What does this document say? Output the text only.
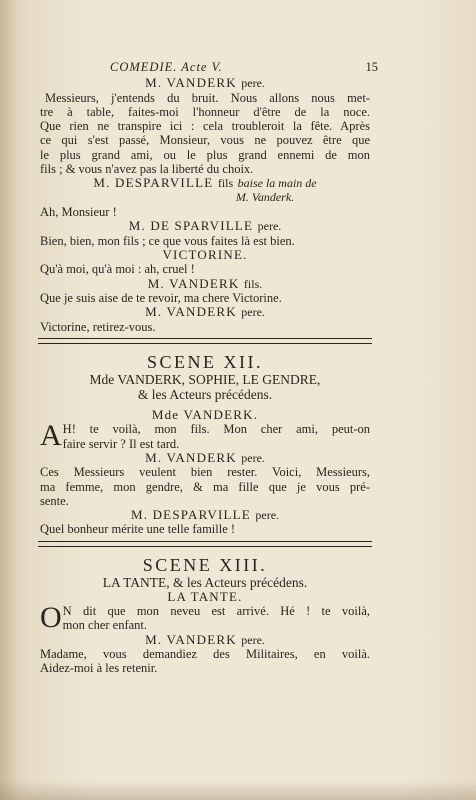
COMEDIE. Acte V.	15
M. VANDERK pere.
Messieurs, j'entends du bruit. Nous allons nous met-
tre à table, faites-moi l'honneur d'être de la noce.
Que rien ne transpire ici : cela troubleroit la fête. Après
ce qui s'est passé, Monsieur, vous ne pouvez être que
le plus grand ami, ou le plus grand ennemi de mon
fils ; & vous n'avez pas la liberté du choix.
M. DESPARVILLE fils baise la main de
M. Vanderk.
Ah, Monsieur !
M. DE SPARVILLE pere.
Bien, bien, mon fils ; ce que vous faites là est bien.
VICTORINE.
Qu'à moi, qu'à moi : ah, cruel !
M. VANDERK fils.
Que je suis aise de te revoir, ma chere Victorine.
M. VANDERK pere.
Victorine, retirez-vous.
SCENE XII.
Mde VANDERK, SOPHIE, LE GENDRE,
& les Acteurs précédens.
Mde VANDERK.
A H! te voilà, mon fils. Mon cher ami, peut-on
faire servir ? Il est tard.
M. VANDERK pere.
Ces Messieurs veulent bien rester. Voici, Messieurs,
ma femme, mon gendre, & ma fille que je vous pré-
sente.
M. DESPARVILLE pere.
Quel bonheur mérite une telle famille !
SCENE XIII.
LA TANTE, & les Acteurs précédens.
LA TANTE.
O N dit que mon neveu est arrivé. Hé ! te voilà,
mon cher enfant.
M. VANDERK pere.
Madame, vous demandiez des Militaires, en voilà.
Aidez-moi à les retenir.
